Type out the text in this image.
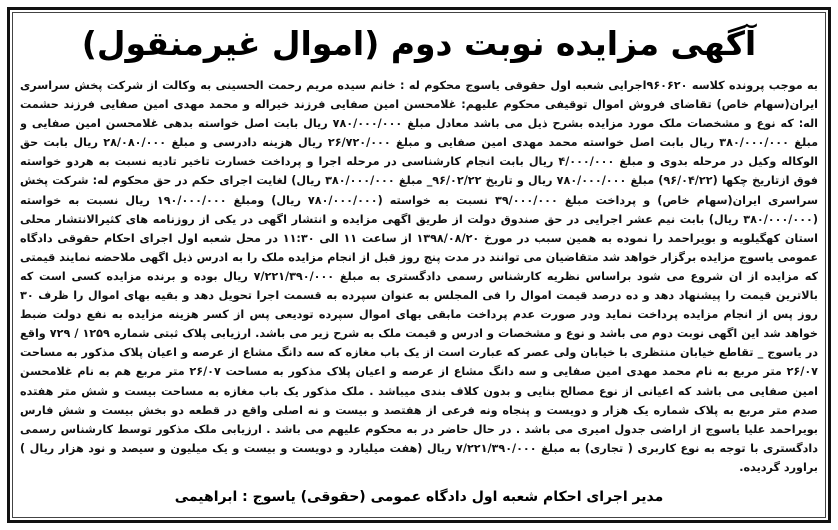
آگهی مزایده نوبت دوم (اموال غیرمنقول)

به موجب پرونده کلاسه ۹۶۰۶۲۰اجرایی شعبه اول حقوقی یاسوج محکوم له : خانم سیده مریم رحمت الحسینی به وکالت از شرکت پخش سراسری ایران(سهام خاص) تقاضای فروش اموال توقیفی محکوم علیهم: غلامحسن امین صفایی فرزند خیراله و محمد مهدی امین صفایی فرزند حشمت اله: که نوع و مشخصات ملک مورد مزایده بشرح ذیل می باشد معادل مبلغ ۷۸۰/۰۰۰/۰۰۰ ریال بابت اصل خواسته بدهی غلامحسن امین صفایی و مبلغ ۳۸۰/۰۰۰/۰۰۰ ریال بابت اصل خواسته محمد مهدی امین صفایی و مبلغ ۲۶/۷۲۰/۰۰۰ ریال هزینه دادرسی و مبلغ ۲۸/۰۸۰/۰۰۰ ریال بابت حق الوکاله وکیل در مرحله بدوی و مبلغ ۴/۰۰۰/۰۰۰ ریال بابت انجام کارشناسی در مرحله اجرا و پرداخت خسارت تاخیر تادیه نسبت به هردو خواسته فوق ازتاریخ چکها (۹۶/۰۴/۲۲) مبلغ ۷۸۰/۰۰۰/۰۰۰ ریال و تاریخ ۹۶/۰۲/۲۲_ مبلغ ۳۸۰/۰۰۰/۰۰۰ ریال) لغایت اجرای حکم در حق محکوم له: شرکت پخش سراسری ایران(سهام خاص) و پرداخت مبلغ ۳۹/۰۰۰/۰۰۰ نسبت به خواسته (۷۸۰/۰۰۰/۰۰۰ ریال) ومبلغ ۱۹۰/۰۰۰/۰۰۰ ریال نسبت به خواسته (۳۸۰/۰۰۰/۰۰۰ ریال) بابت نیم عشر اجرایی در حق صندوق دولت از طریق اگهی مزایده و انتشار اگهی در یکی از روزنامه های کثیرالانتشار محلی استان کهگیلویه و بویراحمد را نموده به همین سبب در مورخ ۱۳۹۸/۰۸/۲۰ از ساعت ۱۱ الی ۱۱:۳۰ در محل شعبه اول اجرای احکام حقوقی دادگاه عمومی یاسوج مزایده برگزار خواهد شد متقاضیان می توانند در مدت پنج روز قبل از انجام مزایده ملک را به ادرس ذیل اگهی ملاحضه نمایند قیمتی که مزایده از ان شروع می شود براساس نظریه کارشناس رسمی دادگستری به مبلغ ۷/۲۲۱/۳۹۰/۰۰۰ ریال بوده و برنده مزایده کسی است که بالاترین قیمت را پیشنهاد دهد و ده درصد قیمت اموال را فی المجلس به عنوان سپرده به قسمت اجرا تحویل دهد و بقیه بهای اموال را ظرف ۳۰ روز پس از انجام مزایده پرداخت نماید ودر صورت عدم پرداخت مابقی بهای اموال سپرده تودیعی پس از کسر هزینه مزایده به نفع دولت ضبط خواهد شد این اگهی نوبت دوم می باشد و نوع و مشخصات و ادرس و قیمت ملک به شرح زیر می باشد. ارزیابی پلاک ثبتی شماره ۱۲۵۹ / ۷۲۹ واقع در یاسوج _ تقاطع خیابان منتظری با خیابان ولی عصر که عبارت است از یک باب مغازه که سه دانگ مشاع از عرصه و اعیان پلاک مذکور به مساحت ۲۶/۰۷ متر مربع به نام محمد مهدی امین صفایی و سه دانگ مشاع از عرصه و اعیان پلاک مذکور به مساحت ۲۶/۰۷ متر مربع هم به نام غلامحسن امین صفایی می باشد که اعیانی از نوع مصالح بنایی و بدون کلاف بندی میباشد . ملک مذکور یک باب مغازه به مساحت بیست و شش متر هفتده صدم متر مربع به پلاک شماره یک هزار و دویست و پنجاه ونه فرعی از هفتصد و بیست و نه اصلی واقع در قطعه دو بخش بیست و شش فارس بویراحمد علیا یاسوج از اراضی جدول امیری می باشد . در حال حاضر در به محکوم علیهم می باشد . ارزیابی ملک مذکور توسط کارشناس رسمی دادگستری با توجه به نوع کاربری ( تجاری) به مبلغ ۷/۲۲۱/۳۹۰/۰۰۰ ریال (هفت میلیارد و دویست و بیست و یک میلیون و سیصد و نود هزار ریال ) براورد گردیده.

مدیر اجرای احکام شعبه اول دادگاه عمومی (حقوقی) یاسوج : ابراهیمی
